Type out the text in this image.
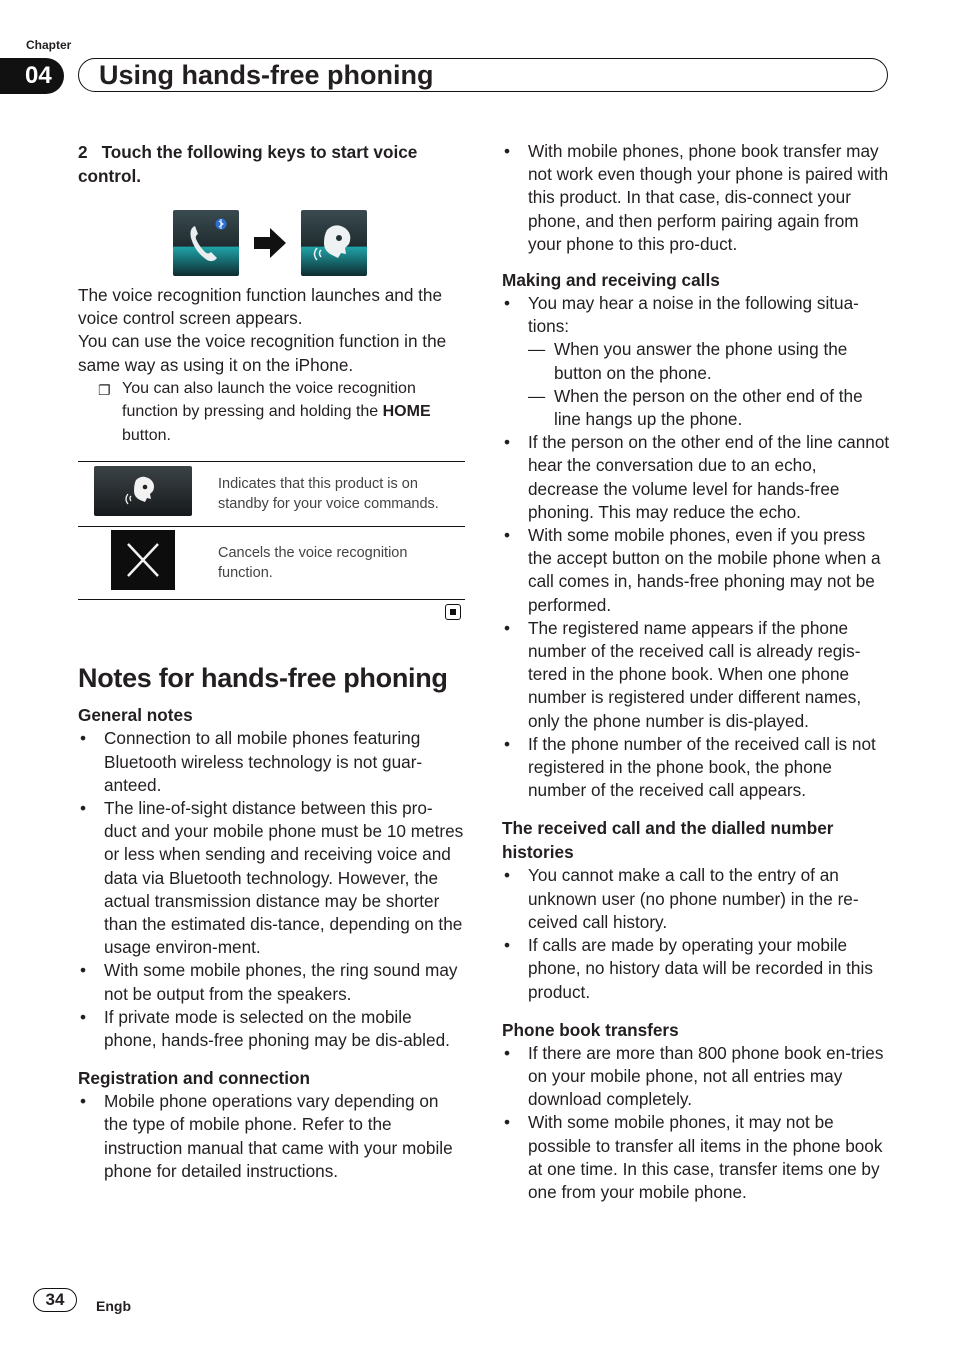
Chapter
04	Using hands-free phoning

2 Touch the following keys to start voice control.

The voice recognition function launches and the voice control screen appears.

You can use the voice recognition function in the same way as using it on the iPhone.

❐ You can also launch the voice recognition function by pressing and holding the HOME button.
	Indicates that this product is on standby for your voice commands.
	Cancels the voice recognition function.
Notes for hands-free phoning

General notes

• Connection to all mobile phones featuring Bluetooth wireless technology is not guar-anteed.
• The line-of-sight distance between this pro-duct and your mobile phone must be 10 metres or less when sending and receiving voice and data via Bluetooth technology. However, the actual transmission distance may be shorter than the estimated dis-tance, depending on the usage environ-ment.
• With some mobile phones, the ring sound may not be output from the speakers.
• If private mode is selected on the mobile phone, hands-free phoning may be dis-abled.

Registration and connection

• Mobile phone operations vary depending on the type of mobile phone. Refer to the instruction manual that came with your mobile phone for detailed instructions.
• With mobile phones, phone book transfer may not work even though your phone is paired with this product. In that case, dis-connect your phone, and then perform pairing again from your phone to this pro-duct.

Making and receiving calls

• You may hear a noise in the following situa-tions:
— When you answer the phone using the button on the phone.
— When the person on the other end of the line hangs up the phone.
• If the person on the other end of the line cannot hear the conversation due to an echo, decrease the volume level for hands-free phoning. This may reduce the echo.
• With some mobile phones, even if you press the accept button on the mobile phone when a call comes in, hands-free phoning may not be performed.
• The registered name appears if the phone number of the received call is already regis-tered in the phone book. When one phone number is registered under different names, only the phone number is dis-played.
• If the phone number of the received call is not registered in the phone book, the phone number of the received call appears.

The received call and the dialled number histories

• You cannot make a call to the entry of an unknown user (no phone number) in the re-ceived call history.
• If calls are made by operating your mobile phone, no history data will be recorded in this product.

Phone book transfers

• If there are more than 800 phone book en-tries on your mobile phone, not all entries may download completely.
• With some mobile phones, it may not be possible to transfer all items in the phone book at one time. In this case, transfer items one by one from your mobile phone.
34	Engb
